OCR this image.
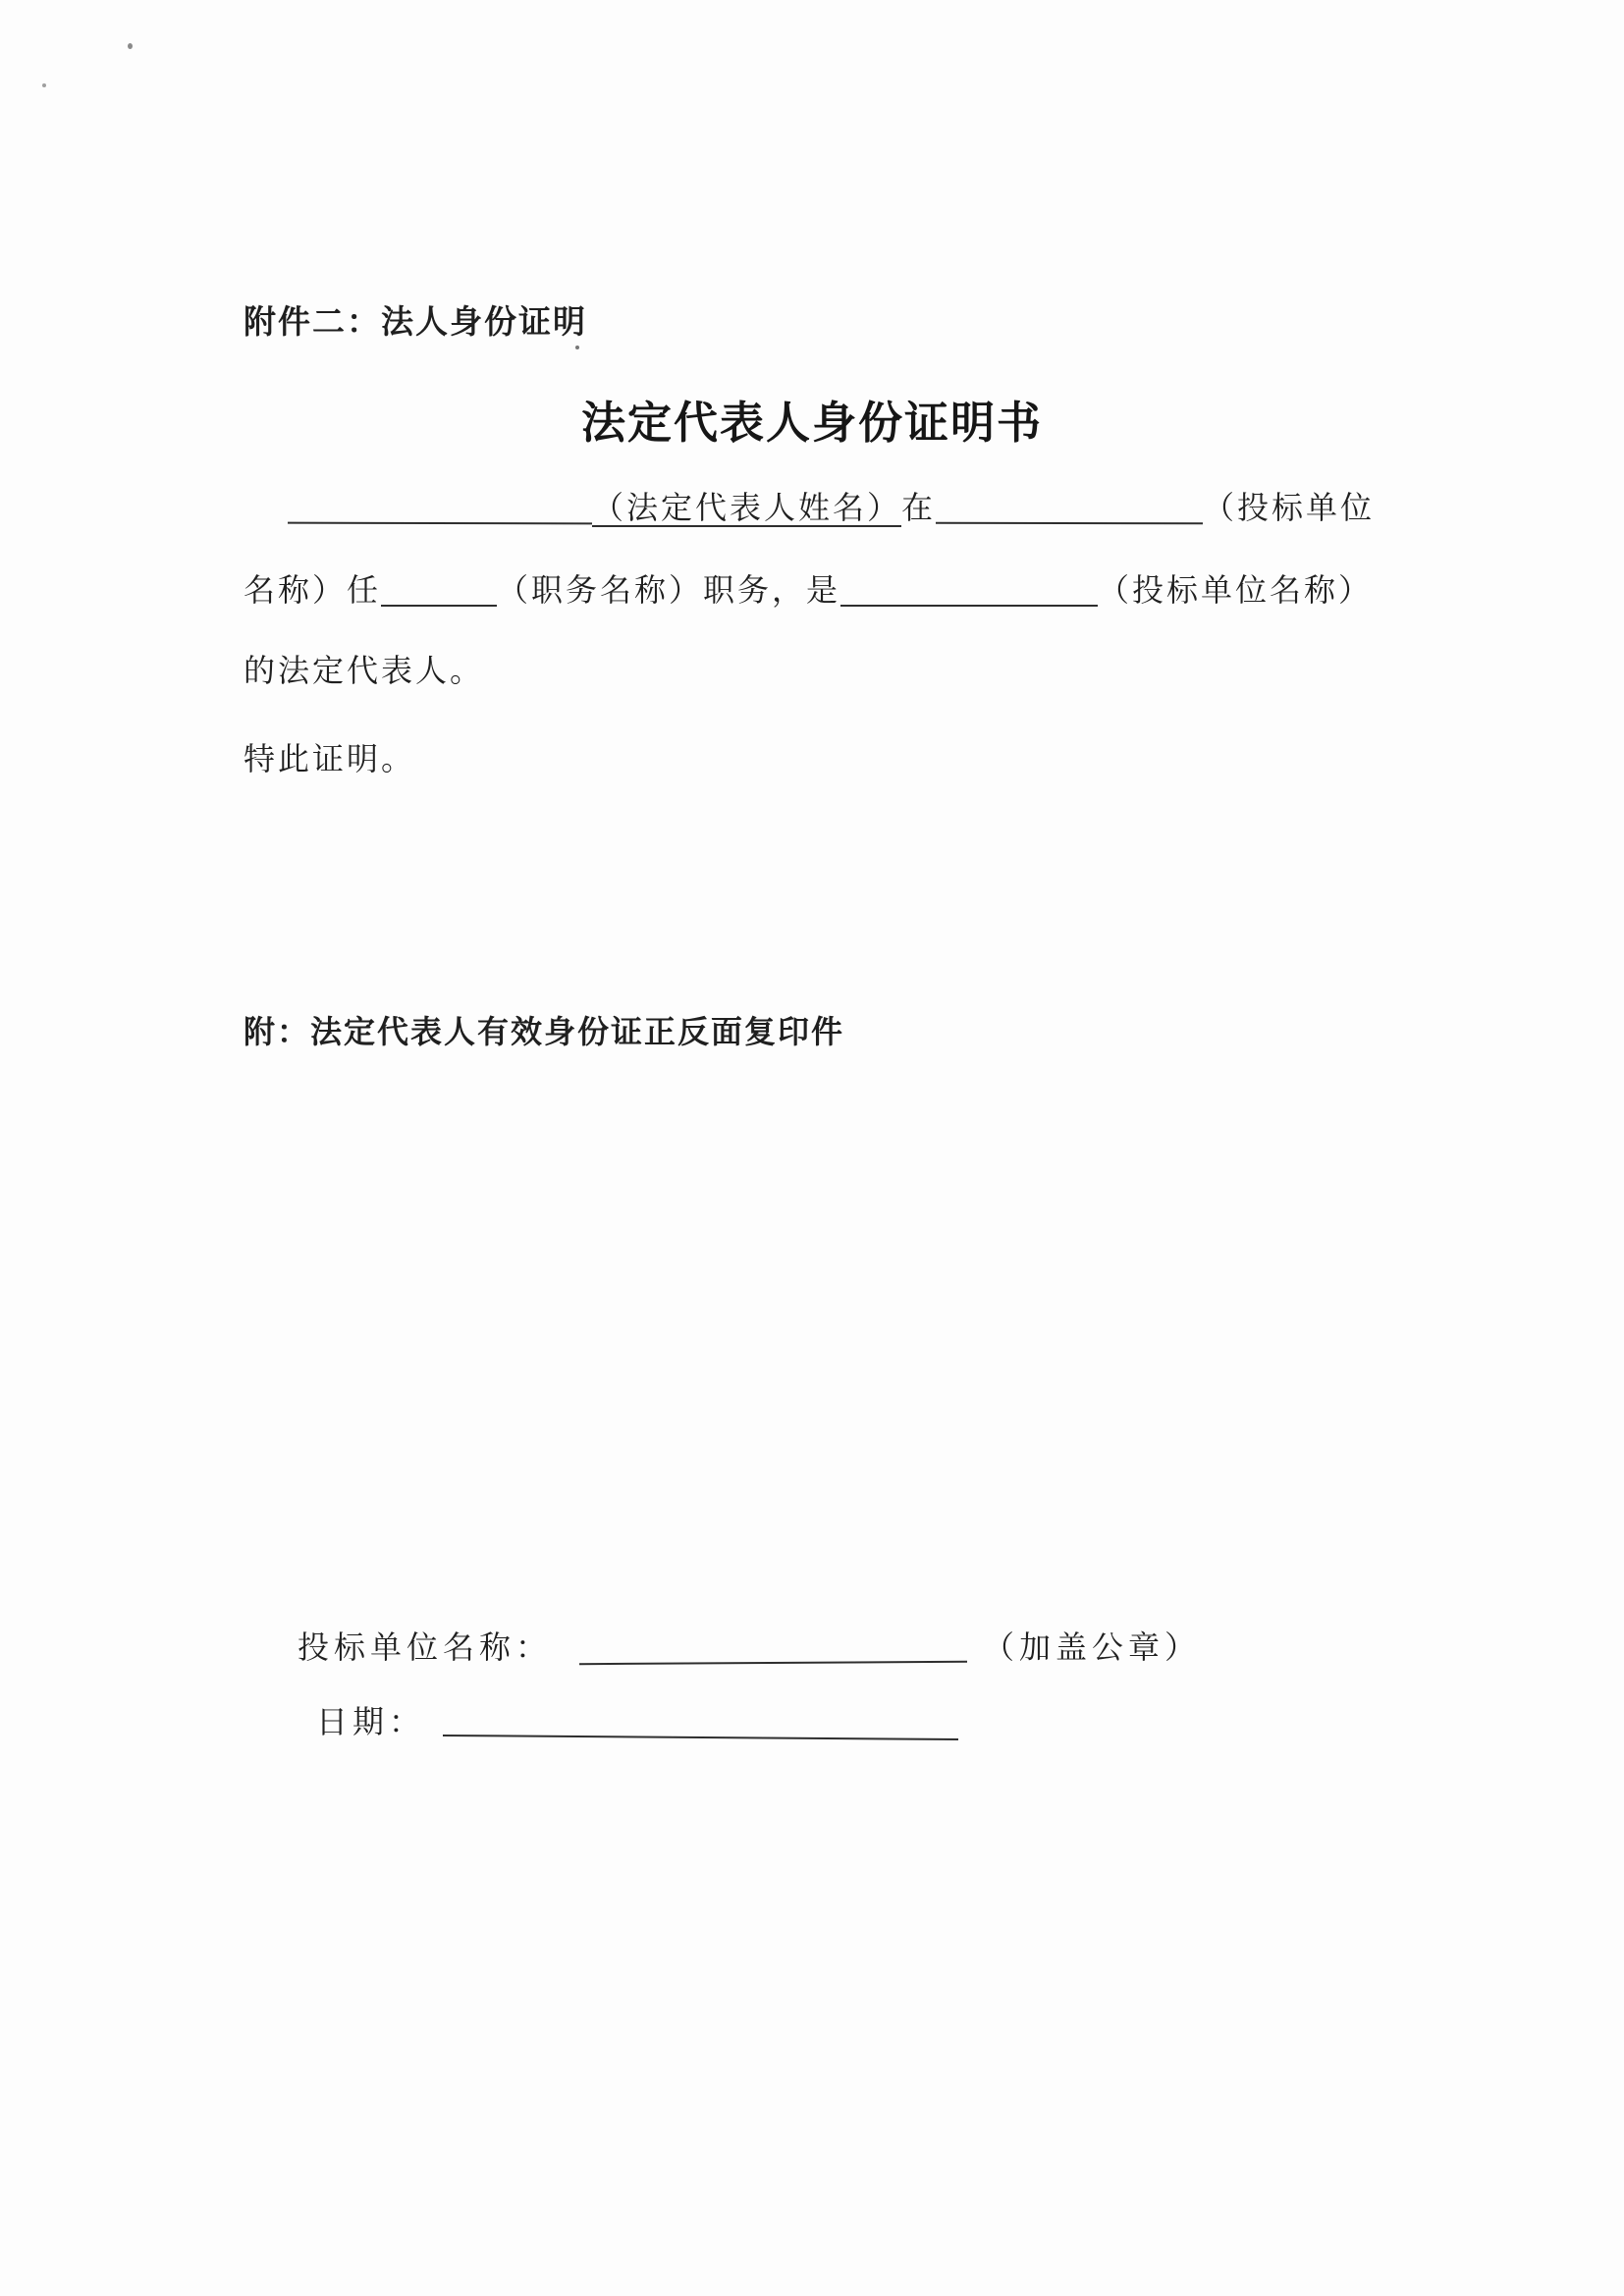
附件二：法人身份证明
法定代表人身份证明书
（法定代表人姓名）在	（投标单位
名称）任	（职务名称）职务，是	（投标单位名称）
的法定代表人。
特此证明。
附：法定代表人有效身份证正反面复印件
投标单位名称：	（加盖公章）
日期：
